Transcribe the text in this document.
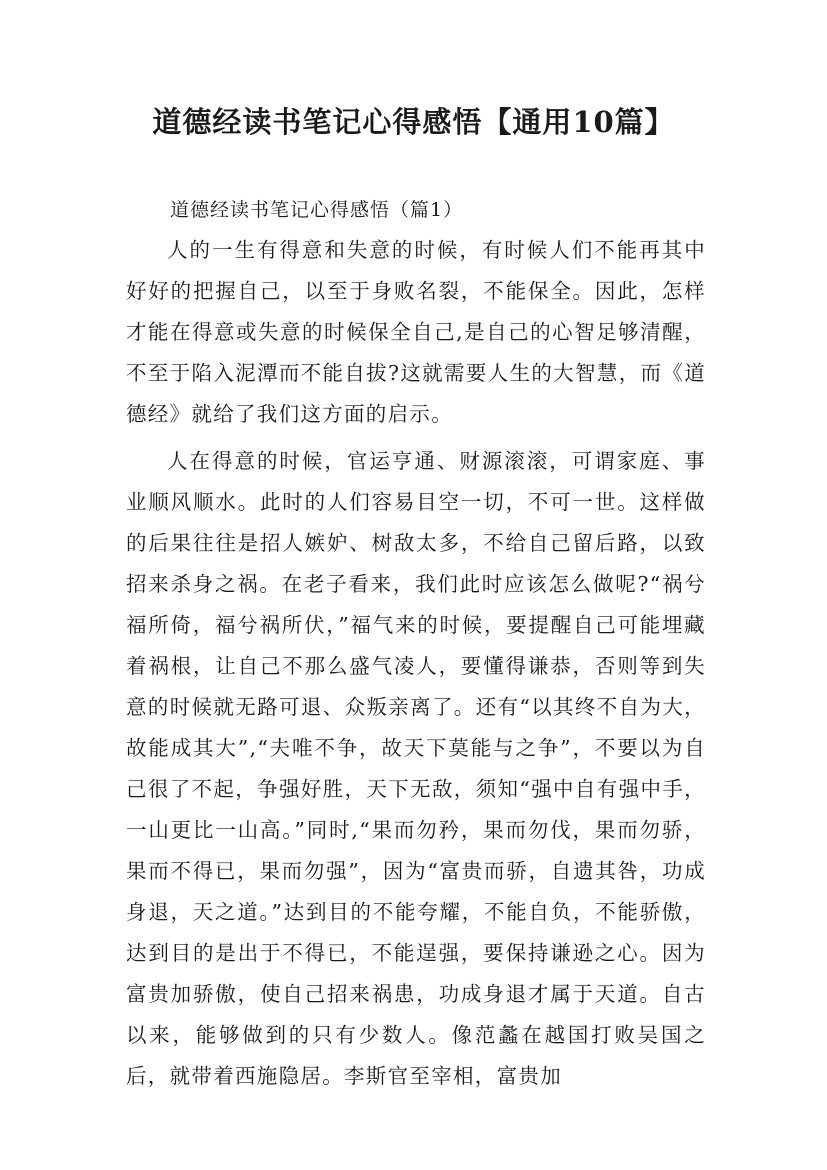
道德经读书笔记心得感悟【通用10篇】
道德经读书笔记心得感悟（篇1）

人的一生有得意和失意的时候，有时候人们不能再其中好好的把握自己，以至于身败名裂，不能保全。因此，怎样才能在得意或失意的时候保全自己,是自己的心智足够清醒，不至于陷入泥潭而不能自拔?这就需要人生的大智慧，而《道德经》就给了我们这方面的启示。

人在得意的时候，官运亨通、财源滚滚，可谓家庭、事业顺风顺水。此时的人们容易目空一切，不可一世。这样做的后果往往是招人嫉妒、树敌太多，不给自己留后路，以致招来杀身之祸。在老子看来，我们此时应该怎么做呢?“祸兮福所倚，福兮祸所伏，”福气来的时候，要提醒自己可能埋藏着祸根，让自己不那么盛气凌人，要懂得谦恭，否则等到失意的时候就无路可退、众叛亲离了。还有“以其终不自为大，故能成其大”,“夫唯不争，故天下莫能与之争”，不要以为自己很了不起，争强好胜，天下无敌，须知“强中自有强中手，一山更比一山高。”同时,“果而勿矜，果而勿伐，果而勿骄，果而不得已，果而勿强”，因为“富贵而骄，自遗其咎，功成身退，天之道。”达到目的不能夸耀，不能自负，不能骄傲，达到目的是出于不得已，不能逞强，要保持谦逊之心。因为富贵加骄傲，使自己招来祸患，功成身退才属于天道。自古以来，能够做到的只有少数人。像范蠡在越国打败吴国之后，就带着西施隐居。李斯官至宰相，富贵加
